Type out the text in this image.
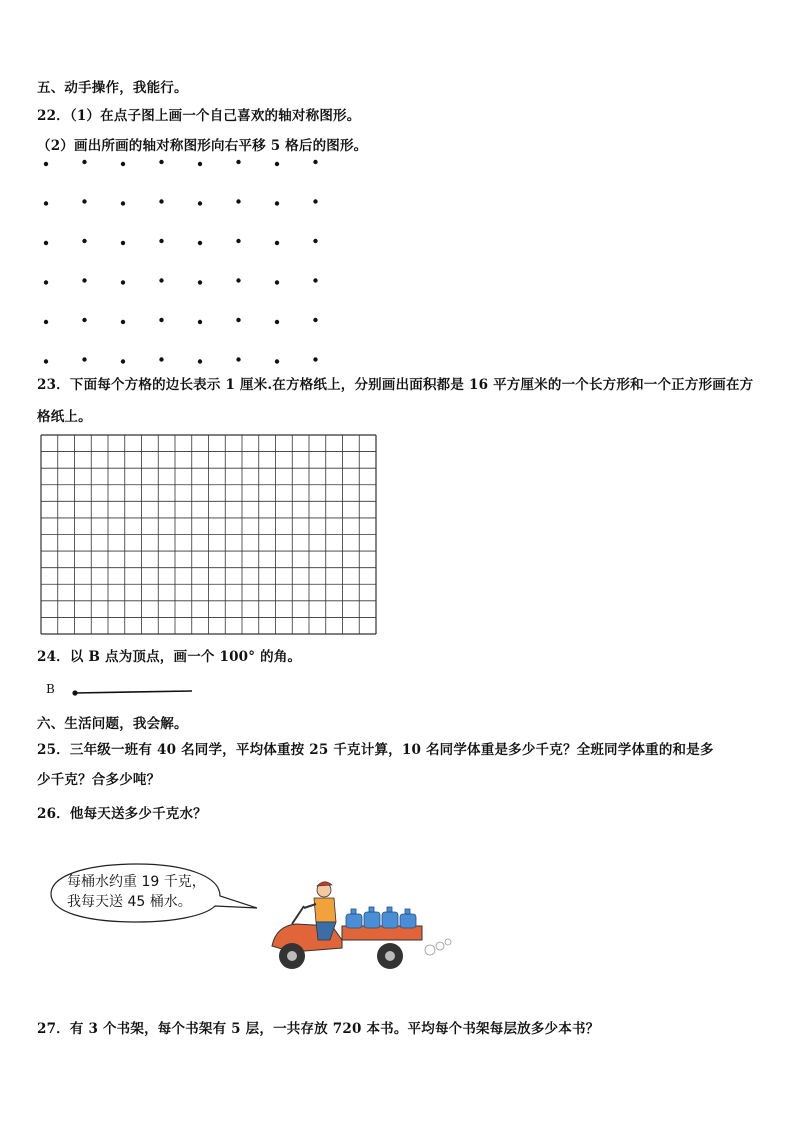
五、动手操作，我能行。
22．（1）在点子图上画一个自己喜欢的轴对称图形。
（2）画出所画的轴对称图形向右平移 5 格后的图形。
23．下面每个方格的边长表示 1 厘米.在方格纸上，分别画出面积都是 16 平方厘米的一个长方形和一个正方形画在方
格纸上。
24．以 B 点为顶点，画一个 100° 的角。
B
六、生活问题，我会解。
25．三年级一班有 40 名同学，平均体重按 25 千克计算，10 名同学体重是多少千克？全班同学体重的和是多
少千克？合多少吨？
26．他每天送多少千克水？
每桶水约重 19 千克，
我每天送 45 桶水。
27．有 3 个书架，每个书架有 5 层，一共存放 720 本书。平均每个书架每层放多少本书？
